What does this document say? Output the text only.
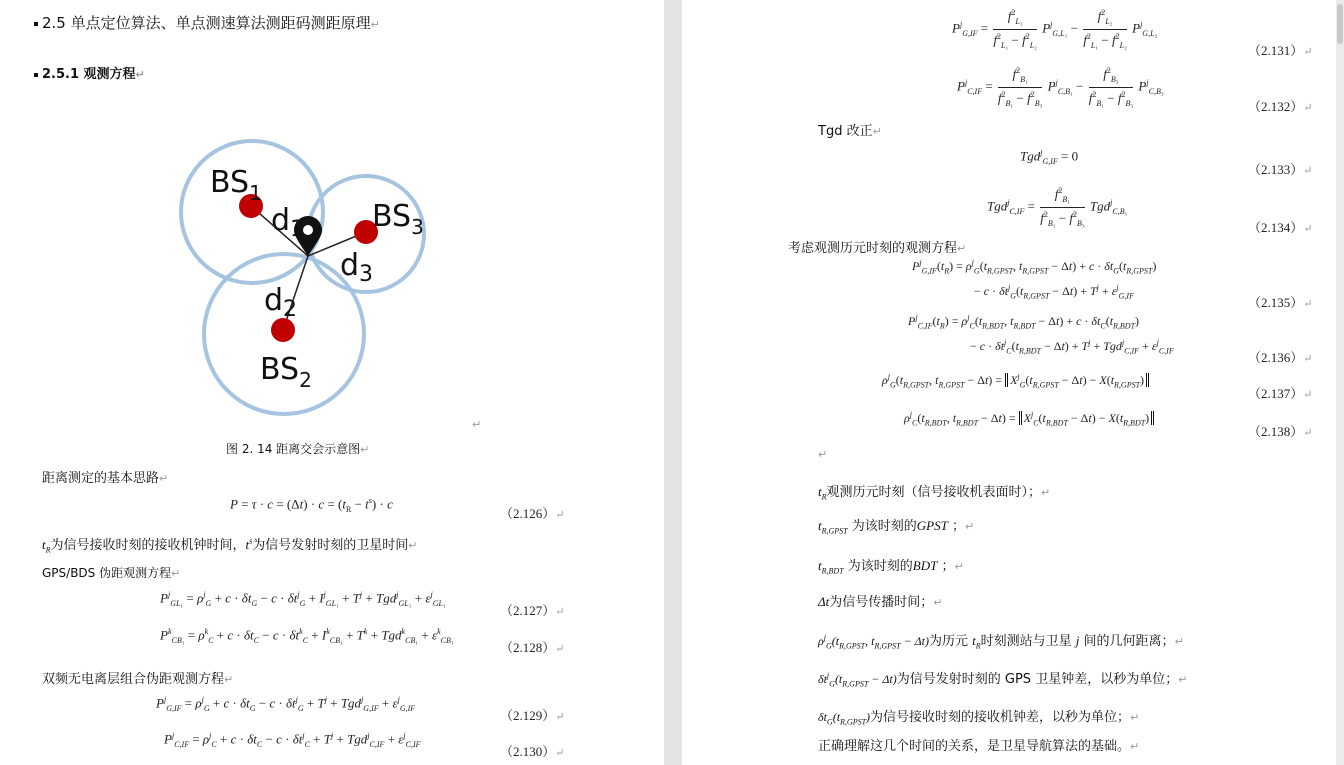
2.5 单点定位算法、单点测速算法测距码测距原理↵
2.5.1 观测方程↵
$BS_1$
$BS_3$
$BS_2$
$d_1$
$d_3$
$d_2$
↵
图 2. 14 距离交会示意图↵
距离测定的基本思路↵
$P = \tau \cdot c = (\Delta t) \cdot c = (t_R - t^s) \cdot c$
（2.126）↵
$t_R$为信号接收时刻的接收机钟时间，$t^s$为信号发射时刻的卫星时间↵
GPS/BDS 伪距观测方程↵
$P^j_{GL_1} = \rho^j_G + c \cdot \delta t_G - c \cdot \delta t^j_G + I^j_{GL_1} + T^j + Tgd^j_{GL_1} + \varepsilon^j_{GL_1}$	（2.127）↵
$P^k_{CB_1} = \rho^k_C + c \cdot \delta t_C - c \cdot \delta t^k_C + I^k_{CB_1} + T^k + Tgd^k_{CB_1} + \varepsilon^k_{CB_1}$	（2.128）↵
双频无电离层组合伪距观测方程↵
$P^j_{G,IF} = \rho^j_G + c \cdot \delta t_G - c \cdot \delta t^j_G + T^j + Tgd^j_{G,IF} + \varepsilon^j_{G,IF}$	（2.129）↵
$P^j_{C,IF} = \rho^j_C + c \cdot \delta t_C - c \cdot \delta t^j_C + T^j + Tgd^j_{C,IF} + \varepsilon^j_{C,IF}$	（2.130）↵
$P^j_{G,IF} = \frac{f^2_{L_1}}{f^2_{L_1} - f^2_{L_2}} P^j_{G,L_1} - \frac{f^2_{L_2}}{f^2_{L_1} - f^2_{L_2}} P^j_{G,L_2}$
（2.131）↵
$P^j_{C,IF} = \frac{f^2_{B_1}}{f^2_{B_1} - f^2_{B_3}} P^j_{C,B_1} - \frac{f^2_{B_3}}{f^2_{B_1} - f^2_{B_3}} P^j_{C,B_3}$
（2.132）↵
Tgd 改正↵
Tgd$^j_{G,IF}$ = 0
（2.133）↵
$Tgd^j_{C,IF} = \frac{f^2_{B_1}}{f^2_{B_1} - f^2_{B_3}} Tgd^j_{C,B_1}$
（2.134）↵
考虑观测历元时刻的观测方程↵
$P^j_{G,IF}(t_R) = \rho^j_G(t_{R,GPST}$, $t_{R,GPST} - \Delta t) + c \cdot \delta t_G(t_{R,GPST})$
− $c \cdot \delta t^j_G(t_{R,GPST} - \Delta t) + T^j + \varepsilon^j_{G,IF}$	（2.135）↵
$P^j_{C,IF}(t_R) = \rho^j_C(t_{R,BDT}$, $t_{R,BDT} - \Delta t) + c \cdot \delta t_C(t_{R,BDT})$
− $c \cdot \delta t^j_C(t_{R,BDT} - \Delta t) + T^j + Tgd^j_{C,IF} + \varepsilon^j_{C,IF}$	（2.136）↵
$\rho^j_G(t_{R,GPST}$, $t_{R,GPST} - \Delta t) = X^j_G(t_{R,GPST} - \Delta t) - X(t_{R,GPST})$
（2.137）↵
$\rho^j_C(t_{R,BDT}$, $t_{R,BDT} - \Delta t) = X^j_C(t_{R,BDT} - \Delta t) - X(t_{R,BDT})$
（2.138）↵
↵
$t_R$观测历元时刻（信号接收机表面时）；↵
$t_{R,GPST}$ 为该时刻的GPST ；↵
$t_{R,BDT}$ 为该时刻的BDT ；↵
Δt为信号传播时间；↵
$\rho^j_G(t_{R,GPST}$, $t_{R,GPST} - \Delta t$)为历元 $t_R$时刻测站与卫星 j 间的几何距离；↵
$\delta t^j_G(t_{R,GPST} - \Delta t)$为信号发射时刻的 GPS 卫星钟差，以秒为单位；↵
$\delta t_G(t_{R,GPST})$为信号接收时刻的接收机钟差，以秒为单位；↵
正确理解这几个时间的关系，是卫星导航算法的基础。↵
